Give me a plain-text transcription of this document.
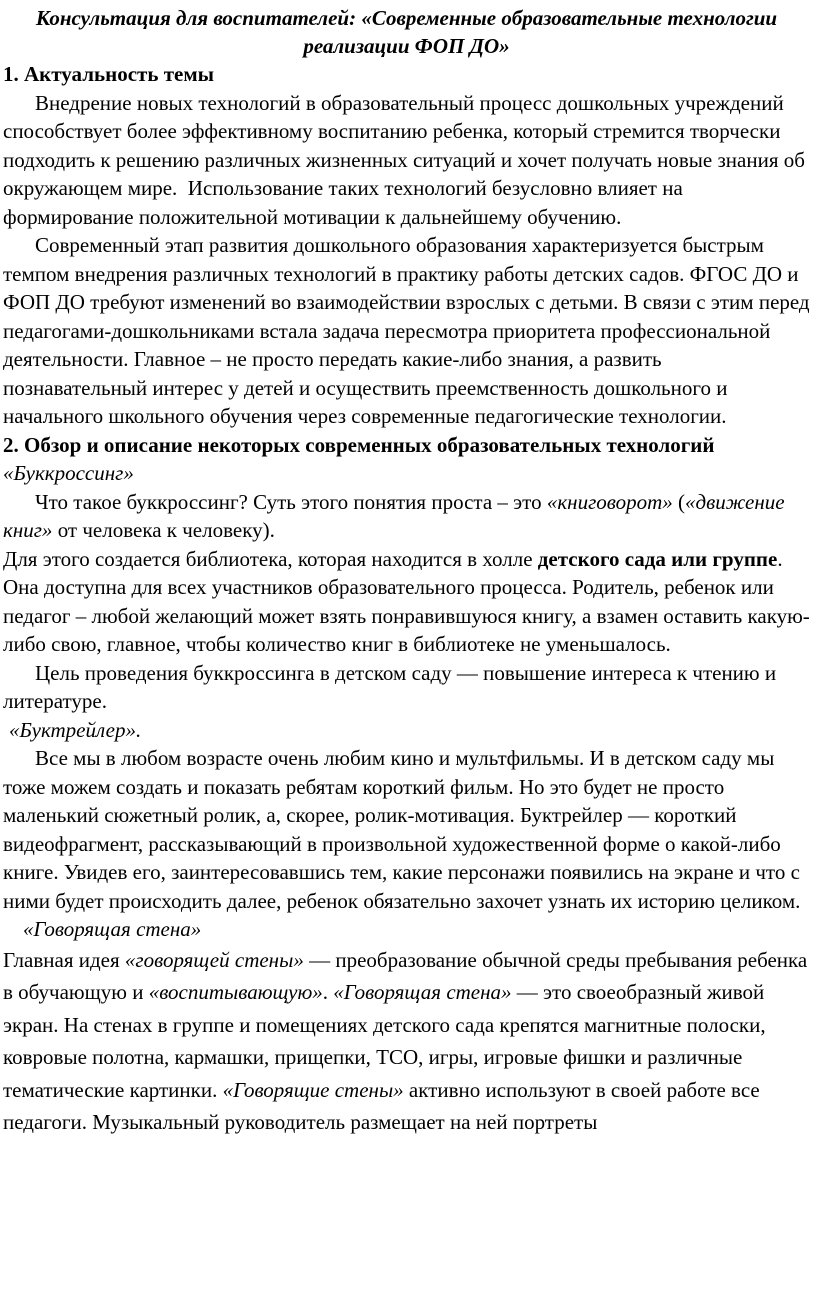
Консультация для воспитателей: «Современные образовательные технологии реализации ФОП ДО»

1. Актуальность темы

Внедрение новых технологий в образовательный процесс дошкольных учреждений способствует более эффективному воспитанию ребенка, который стремится творчески подходить к решению различных жизненных ситуаций и хочет получать новые знания об окружающем мире. Использование таких технологий безусловно влияет на формирование положительной мотивации к дальнейшему обучению.

Современный этап развития дошкольного образования характеризуется быстрым темпом внедрения различных технологий в практику работы детских садов. ФГОС ДО и ФОП ДО требуют изменений во взаимодействии взрослых с детьми. В связи с этим перед педагогами-дошкольниками встала задача пересмотра приоритета профессиональной деятельности. Главное – не просто передать какие-либо знания, а развить познавательный интерес у детей и осуществить преемственность дошкольного и начального школьного обучения через современные педагогические технологии.

2. Обзор и описание некоторых современных образовательных технологий «Буккроссинг»

Что такое буккроссинг? Суть этого понятия проста – это «книговорот» («движение книг» от человека к человеку).

Для этого создается библиотека, которая находится в холле детского сада или группе. Она доступна для всех участников образовательного процесса. Родитель, ребенок или педагог – любой желающий может взять понравившуюся книгу, а взамен оставить какую-либо свою, главное, чтобы количество книг в библиотеке не уменьшалось.

Цель проведения буккроссинга в детском саду — повышение интереса к чтению и литературе.

«Буктрейлер».

Все мы в любом возрасте очень любим кино и мультфильмы. И в детском саду мы тоже можем создать и показать ребятам короткий фильм. Но это будет не просто маленький сюжетный ролик, а, скорее, ролик-мотивация. Буктрейлер — короткий видеофрагмент, рассказывающий в произвольной художественной форме о какой-либо книге. Увидев его, заинтересовавшись тем, какие персонажи появились на экране и что с ними будет происходить далее, ребенок обязательно захочет узнать их историю целиком.

«Говорящая стена»

Главная идея «говорящей стены» — преобразование обычной среды пребывания ребенка в обучающую и «воспитывающую». «Говорящая стена» — это своеобразный живой экран. На стенах в группе и помещениях детского сада крепятся магнитные полоски, ковровые полотна, кармашки, прищепки, ТСО, игры, игровые фишки и различные тематические картинки. «Говорящие стены» активно используют в своей работе все педагоги. Музыкальный руководитель размещает на ней портреты
